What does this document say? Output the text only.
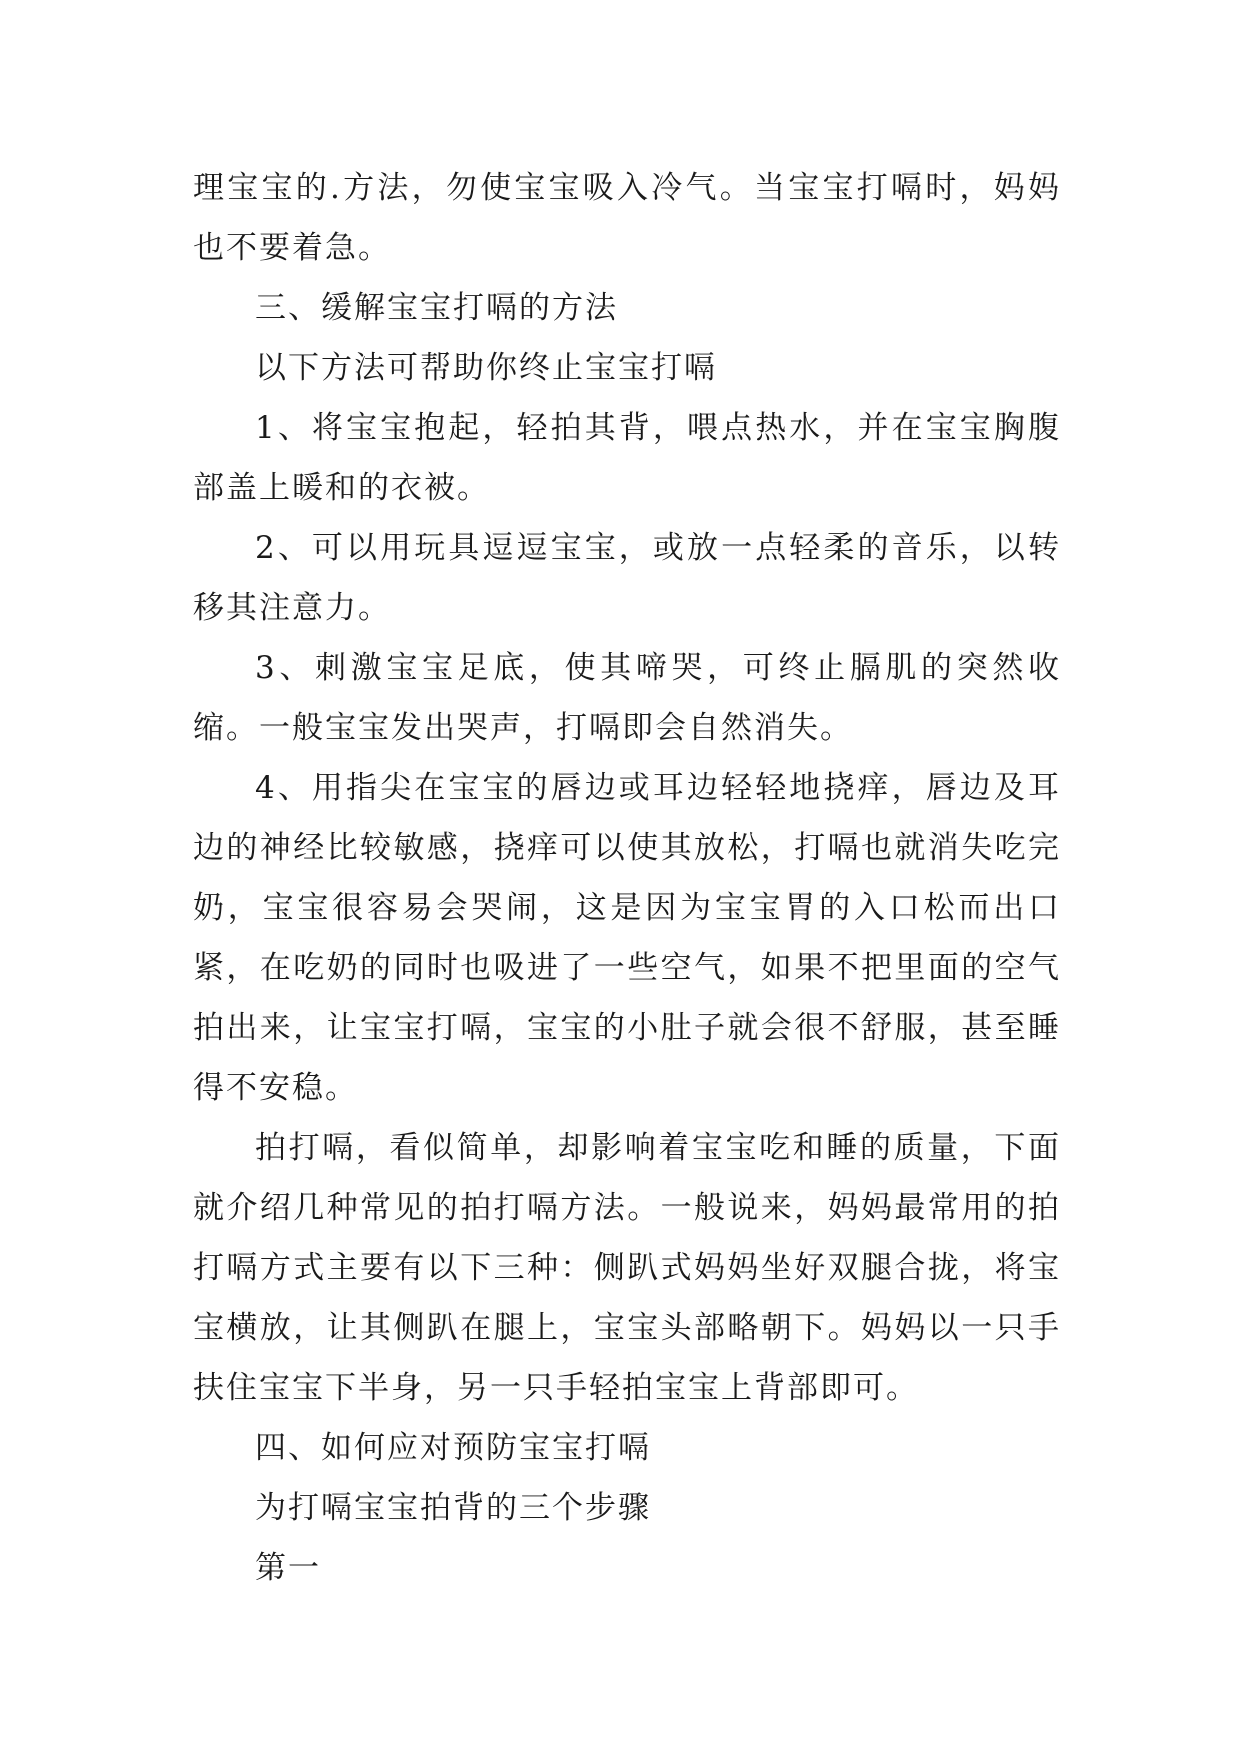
理宝宝的.方法，勿使宝宝吸入冷气。当宝宝打嗝时，妈妈也不要着急。

三、缓解宝宝打嗝的方法

以下方法可帮助你终止宝宝打嗝

1、将宝宝抱起，轻拍其背，喂点热水，并在宝宝胸腹部盖上暖和的衣被。

2、可以用玩具逗逗宝宝，或放一点轻柔的音乐，以转移其注意力。

3、刺激宝宝足底，使其啼哭，可终止膈肌的突然收缩。一般宝宝发出哭声，打嗝即会自然消失。

4、用指尖在宝宝的唇边或耳边轻轻地挠痒，唇边及耳边的神经比较敏感，挠痒可以使其放松，打嗝也就消失吃完奶，宝宝很容易会哭闹，这是因为宝宝胃的入口松而出口紧，在吃奶的同时也吸进了一些空气，如果不把里面的空气拍出来，让宝宝打嗝，宝宝的小肚子就会很不舒服，甚至睡得不安稳。

拍打嗝，看似简单，却影响着宝宝吃和睡的质量，下面就介绍几种常见的拍打嗝方法。一般说来，妈妈最常用的拍打嗝方式主要有以下三种：侧趴式妈妈坐好双腿合拢，将宝宝横放，让其侧趴在腿上，宝宝头部略朝下。妈妈以一只手扶住宝宝下半身，另一只手轻拍宝宝上背部即可。

四、如何应对预防宝宝打嗝

为打嗝宝宝拍背的三个步骤

第一
